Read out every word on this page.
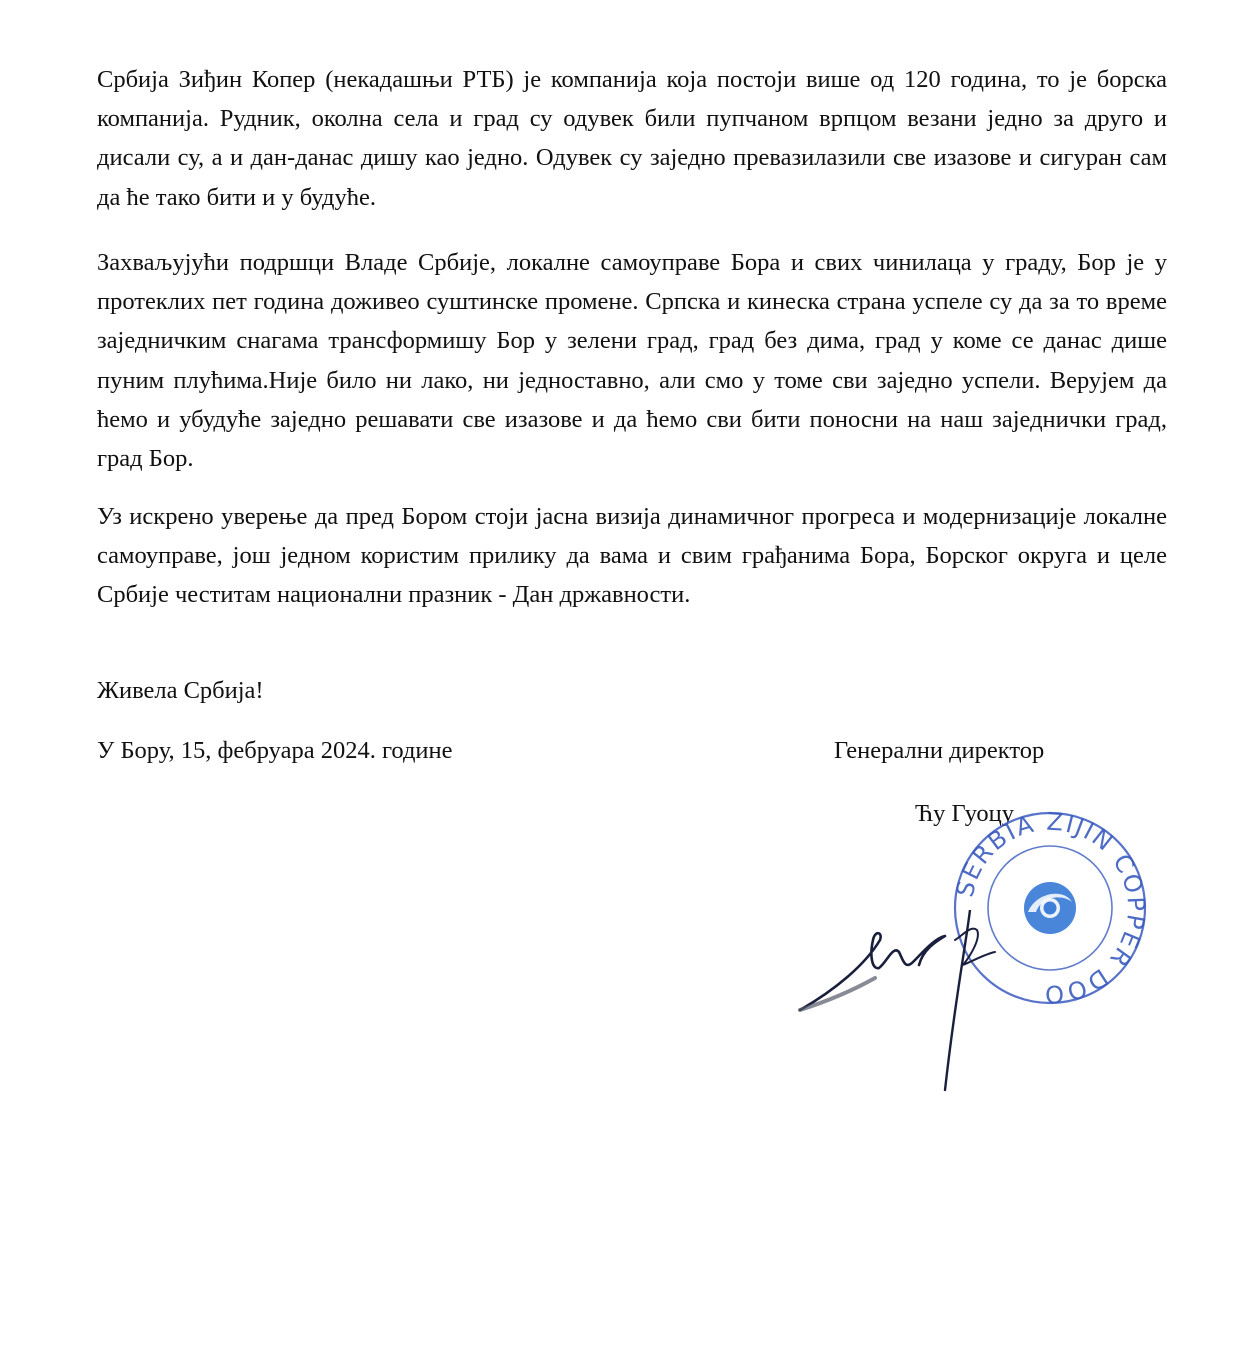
Србија Зиђин Копер (некадашњи РТБ) је компанија која постоји више од 120 година, то је борска компанија. Рудник, околна села и град су одувек били пупчаном врпцом везани једно за друго и дисали су, а и дан-данас дишу као једно. Одувек су заједно превазилазили све изазове и сигуран сам да ће тако бити и у будуће.

Захваљујући подршци Владе Србије, локалне самоуправе Бора и свих чинилаца у граду, Бор је у протеклих пет година доживео суштинске промене. Српска и кинеска страна успеле су да за то време заједничким снагама трансформишу Бор у зелени град, град без дима, град у коме се данас дише пуним плућима.Није било ни лако, ни једноставно, али смо у томе сви заједно успели. Верујем да ћемо и убудуће заједно решавати све изазове и да ћемо сви бити поносни на наш заједнички град, град Бор.

Уз искрено уверење да пред Бором стоји јасна визија динамичног прогреса и модернизације локалне самоуправе, још једном користим прилику да вама и свим грађанима Бора, Борског округа и целе Србије честитам национални празник - Дан државности.

Живела Србија!

У Бору, 15, фебруара 2024. године	Генерални директор

Ћу Гуоцу

SERBIA ZIJIN COPPER DOO
